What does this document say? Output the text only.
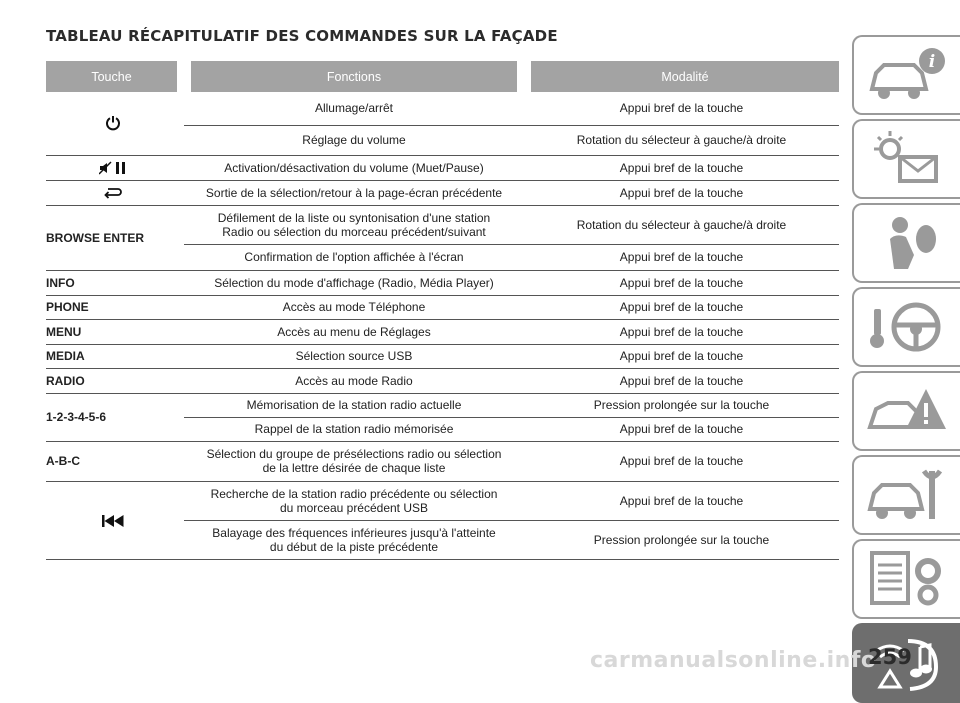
TABLEAU RÉCAPITULATIF DES COMMANDES SUR LA FAÇADE
Touche	Fonctions	Modalité
	Allumage/arrêt	Appui bref de la touche
	Réglage du volume	Rotation du sélecteur à gauche/à droite
	Activation/désactivation du volume (Muet/Pause)	Appui bref de la touche
	Sortie de la sélection/retour à la page-écran précédente	Appui bref de la touche
BROWSE ENTER	Défilement de la liste ou syntonisation d'une station
Radio ou sélection du morceau précédent/suivant	Rotation du sélecteur à gauche/à droite
	Confirmation de l'option affichée à l'écran	Appui bref de la touche
INFO	Sélection du mode d'affichage (Radio, Média Player)	Appui bref de la touche
PHONE	Accès au mode Téléphone	Appui bref de la touche
MENU	Accès au menu de Réglages	Appui bref de la touche
MEDIA	Sélection source USB	Appui bref de la touche
RADIO	Accès au mode Radio	Appui bref de la touche
1-2-3-4-5-6	Mémorisation de la station radio actuelle	Pression prolongée sur la touche
	Rappel de la station radio mémorisée	Appui bref de la touche
A-B-C	Sélection du groupe de présélections radio ou sélection
de la lettre désirée de chaque liste	Appui bref de la touche
	Recherche de la station radio précédente ou sélection
du morceau précédent USB	Appui bref de la touche
	Balayage des fréquences inférieures jusqu'à l'atteinte
du début de la piste précédente	Pression prolongée sur la touche
i
carmanualsonline.info
259
